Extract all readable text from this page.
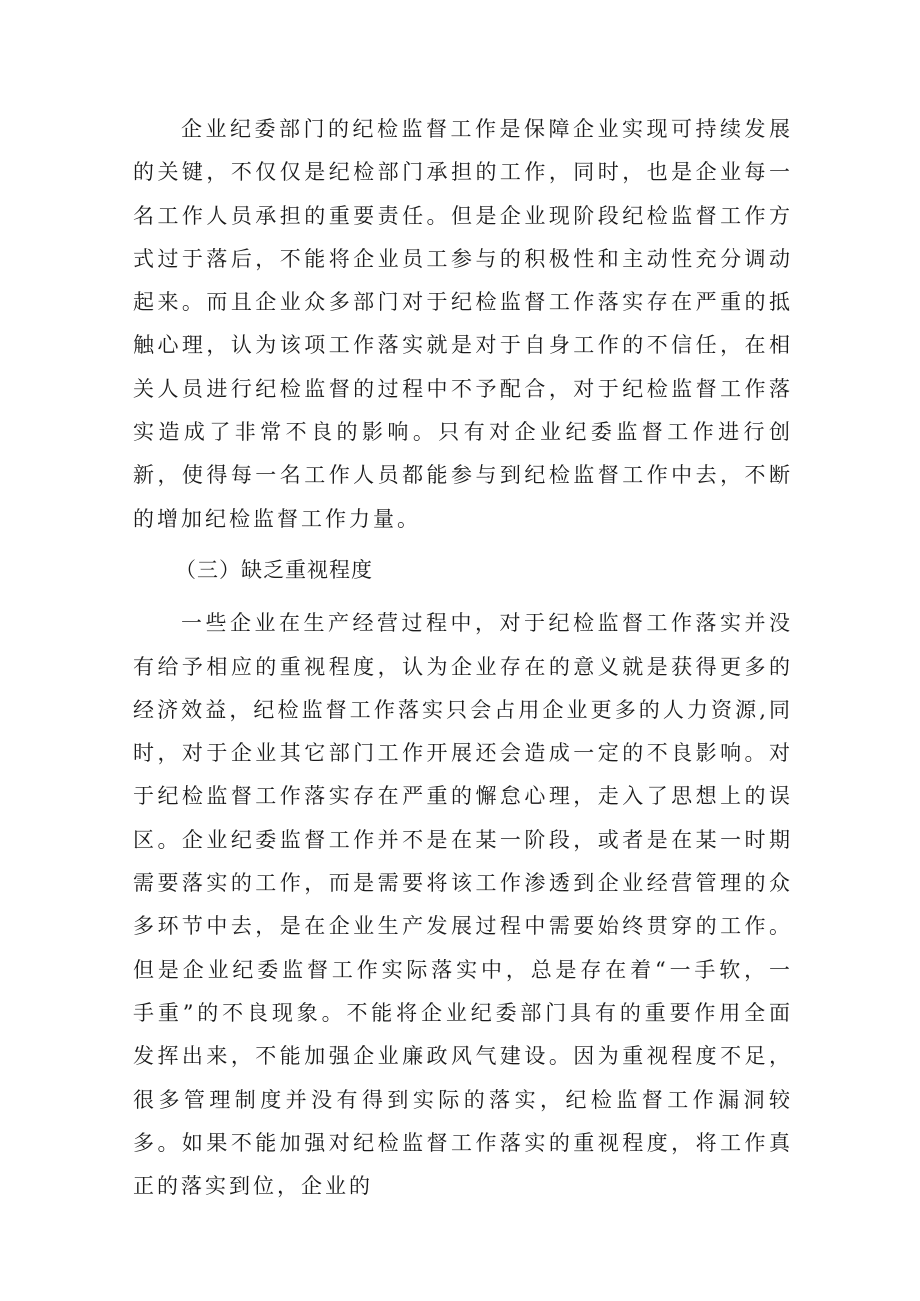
企业纪委部门的纪检监督工作是保障企业实现可持续发展的关键，不仅仅是纪检部门承担的工作，同时，也是企业每一名工作人员承担的重要责任。但是企业现阶段纪检监督工作方式过于落后，不能将企业员工参与的积极性和主动性充分调动起来。而且企业众多部门对于纪检监督工作落实存在严重的抵触心理，认为该项工作落实就是对于自身工作的不信任，在相关人员进行纪检监督的过程中不予配合，对于纪检监督工作落实造成了非常不良的影响。只有对企业纪委监督工作进行创新，使得每一名工作人员都能参与到纪检监督工作中去，不断的增加纪检监督工作力量。

（三）缺乏重视程度

一些企业在生产经营过程中，对于纪检监督工作落实并没有给予相应的重视程度，认为企业存在的意义就是获得更多的经济效益，纪检监督工作落实只会占用企业更多的人力资源,同时，对于企业其它部门工作开展还会造成一定的不良影响。对于纪检监督工作落实存在严重的懈怠心理，走入了思想上的误区。企业纪委监督工作并不是在某一阶段，或者是在某一时期需要落实的工作，而是需要将该工作渗透到企业经营管理的众多环节中去，是在企业生产发展过程中需要始终贯穿的工作。但是企业纪委监督工作实际落实中，总是存在着“一手软，一手重”的不良现象。不能将企业纪委部门具有的重要作用全面发挥出来，不能加强企业廉政风气建设。因为重视程度不足，很多管理制度并没有得到实际的落实，纪检监督工作漏洞较多。如果不能加强对纪检监督工作落实的重视程度，将工作真正的落实到位，企业的
